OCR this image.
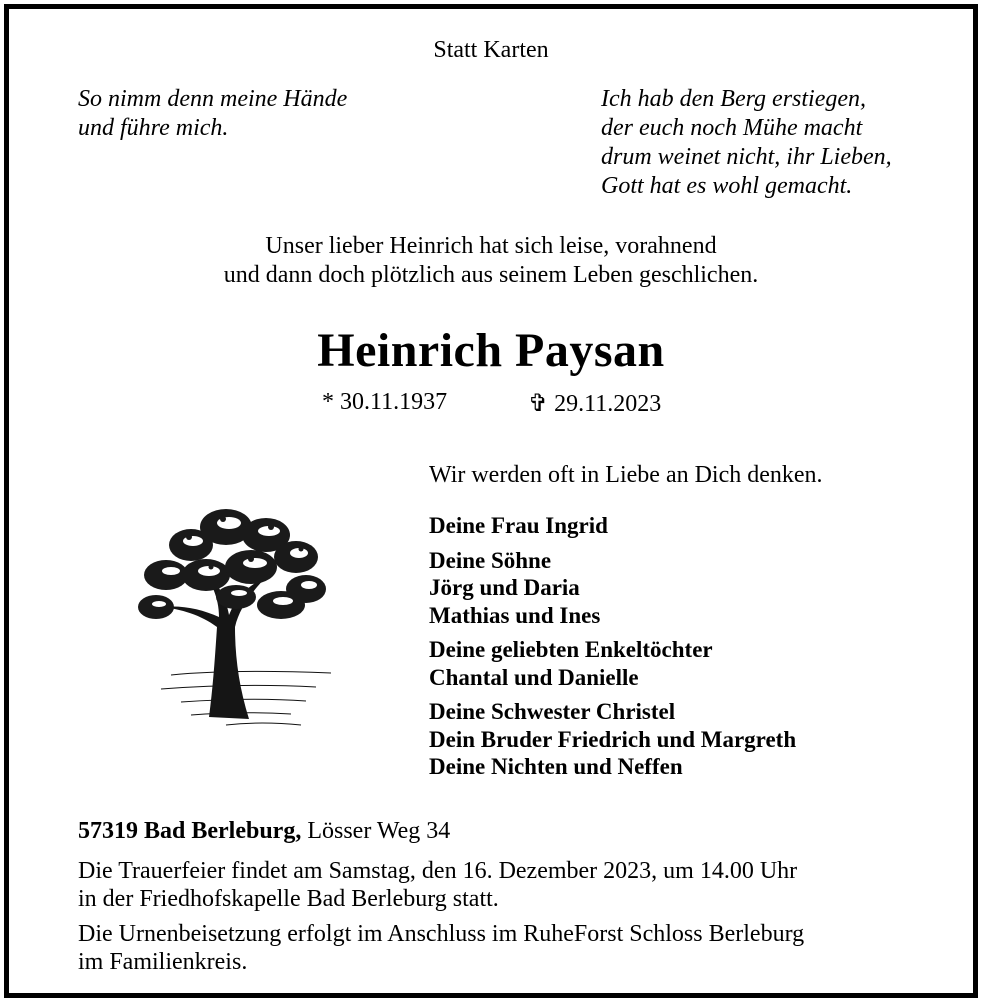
Statt Karten
So nimm denn meine Hände
und führe mich.
Ich hab den Berg erstiegen,
der euch noch Mühe macht
drum weinet nicht, ihr Lieben,
Gott hat es wohl gemacht.
Unser lieber Heinrich hat sich leise, vorahnend
und dann doch plötzlich aus seinem Leben geschlichen.
Heinrich Paysan
* 30.11.1937	✞ 29.11.2023
Wir werden oft in Liebe an Dich denken.
Deine Frau Ingrid
Deine Söhne
Jörg und Daria
Mathias und Ines
Deine geliebten Enkeltöchter
Chantal und Danielle
Deine Schwester Christel
Dein Bruder Friedrich und Margreth
Deine Nichten und Neffen
57319 Bad Berleburg, Lösser Weg 34
Die Trauerfeier findet am Samstag, den 16. Dezember 2023, um 14.00 Uhr
in der Friedhofskapelle Bad Berleburg statt.
Die Urnenbeisetzung erfolgt im Anschluss im RuheForst Schloss Berleburg
im Familienkreis.
